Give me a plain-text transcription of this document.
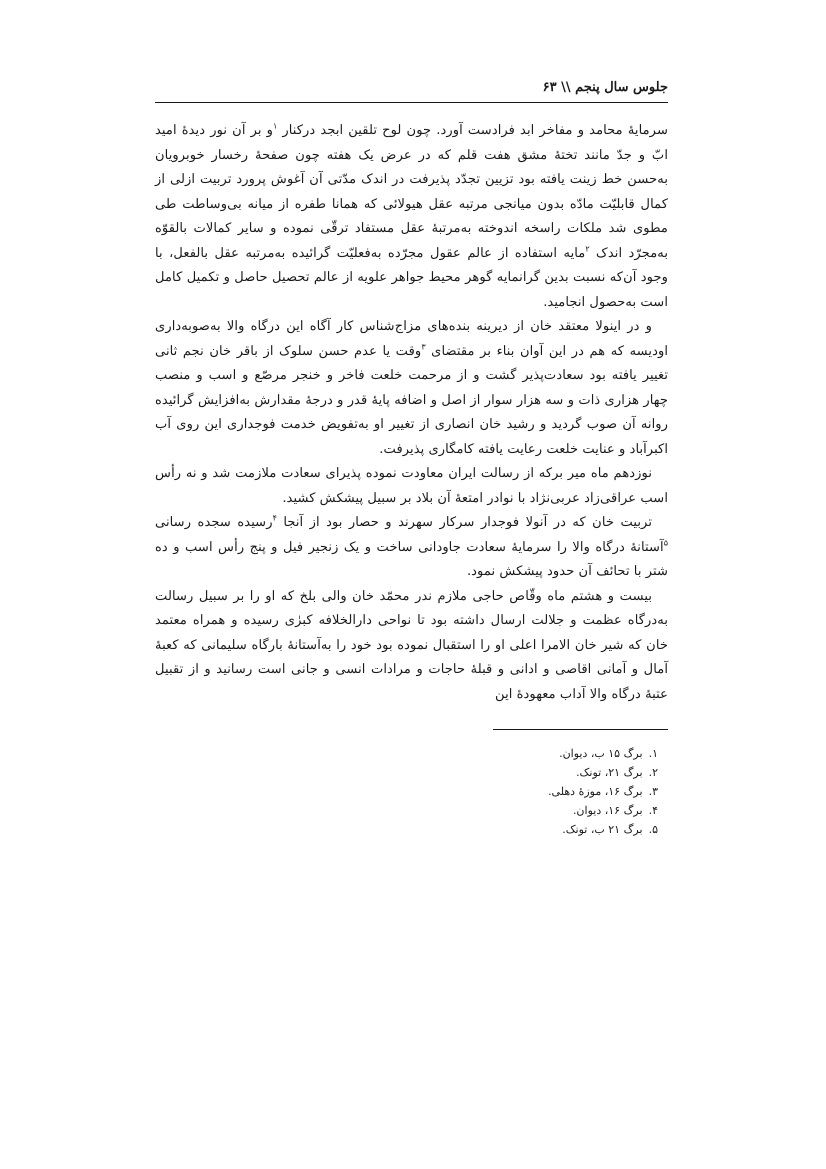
جلوس سال پنجم \\ ۶۳

سرمایهٔ محامد و مفاخر ابد فرادست آورد. چون لوح تلقین ابجد درکنار $^۱$و بر آن نور دیدهٔ امید ابّ و جدّ مانند تختهٔ مشق هفت قلم که در عرض یک هفته چون صفحهٔ رخسار خوبرویان به‌حسن خط زینت یافته بود تزیین تجدّد پذیرفت در اندک مدّتی آن آغوش پرورد تربیت ازلی از کمال قابلیّت مادّه بدون میانجی مرتبه عقل هیولائی که همانا طفره از میانه بی‌وساطت طی مطوی شد ملکات راسخه اندوخته به‌مرتبهٔ عقل مستفاد ترقّی نموده و سایر کمالات بالقوّه به‌مجرّد اندک $^۲$مایه استفاده از عالم عقول مجرّده به‌فعلیّت گرائیده به‌مرتبه عقل بالفعل، با وجود آن‌که نسبت بدین گرانمایه گوهر محیط جواهر علویه از عالم تحصیل حاصل و تکمیل کامل است به‌حصول انجامید.

و در اینولا معتقد خان از دیرینه بنده‌های مزاج‌شناس کار آگاه این درگاه والا به‌صوبه‌داری اودیسه که هم در این آوان بناء بر مقتضای $^۳$وقت یا عدم حسن سلوک از باقر خان نجم ثانی تغییر یافته بود سعادت‌پذیر گشت و از مرحمت خلعت فاخر و خنجر مرصّع و اسب و منصب چهار هزاری ذات و سه هزار سوار از اصل و اضافه پایهٔ قدر و درجهٔ مقدارش به‌افزایش گرائیده روانه آن صوب گردید و رشید خان انصاری از تغییر او به‌تفویض خدمت فوجداری این روی آب اکبرآباد و عنایت خلعت رعایت یافته کامگاری پذیرفت.

نوزدهم ماه میر برکه از رسالت ایران معاودت نموده پذیرای سعادت ملازمت شد و نه رأس اسب عراقی‌زاد عربی‌نژاد با نوادر امتعهٔ آن بلاد بر سبیل پیشکش کشید.

تربیت خان که در آنولا فوجدار سرکار سهرند و حصار بود از آنجا $^۴$رسیده سجده رسانی $^۵$آستانهٔ درگاه والا را سرمایهٔ سعادت جاودانی ساخت و یک زنجیر فیل و پنج رأس اسب و ده شتر با تحائف آن حدود پیشکش نمود.

بیست و هشتم ماه وقّاص حاجی ملازم ندر محمّد خان والی بلخ که او را بر سبیل رسالت به‌درگاه عظمت و جلالت ارسال داشته بود تا نواحی دارالخلافه کبرٰی رسیده و همراه معتمد خان که شیر خان الامرا اعلی او را استقبال نموده بود خود را به‌آستانهٔ بارگاه سلیمانی که کعبهٔ آمال و آمانی اقاصی و ادانی و قبلهٔ حاجات و مرادات انسی و جانی است رسانید و از تقبیل عتبهٔ درگاه والا آداب معهودهٔ این

۱.برگ ۱۵ ب، دیوان.
۲.برگ ۲۱، تونک.
۳.برگ ۱۶، موزهٔ دهلی.
۴.برگ ۱۶، دیوان.
۵.برگ ۲۱ ب، تونک.
